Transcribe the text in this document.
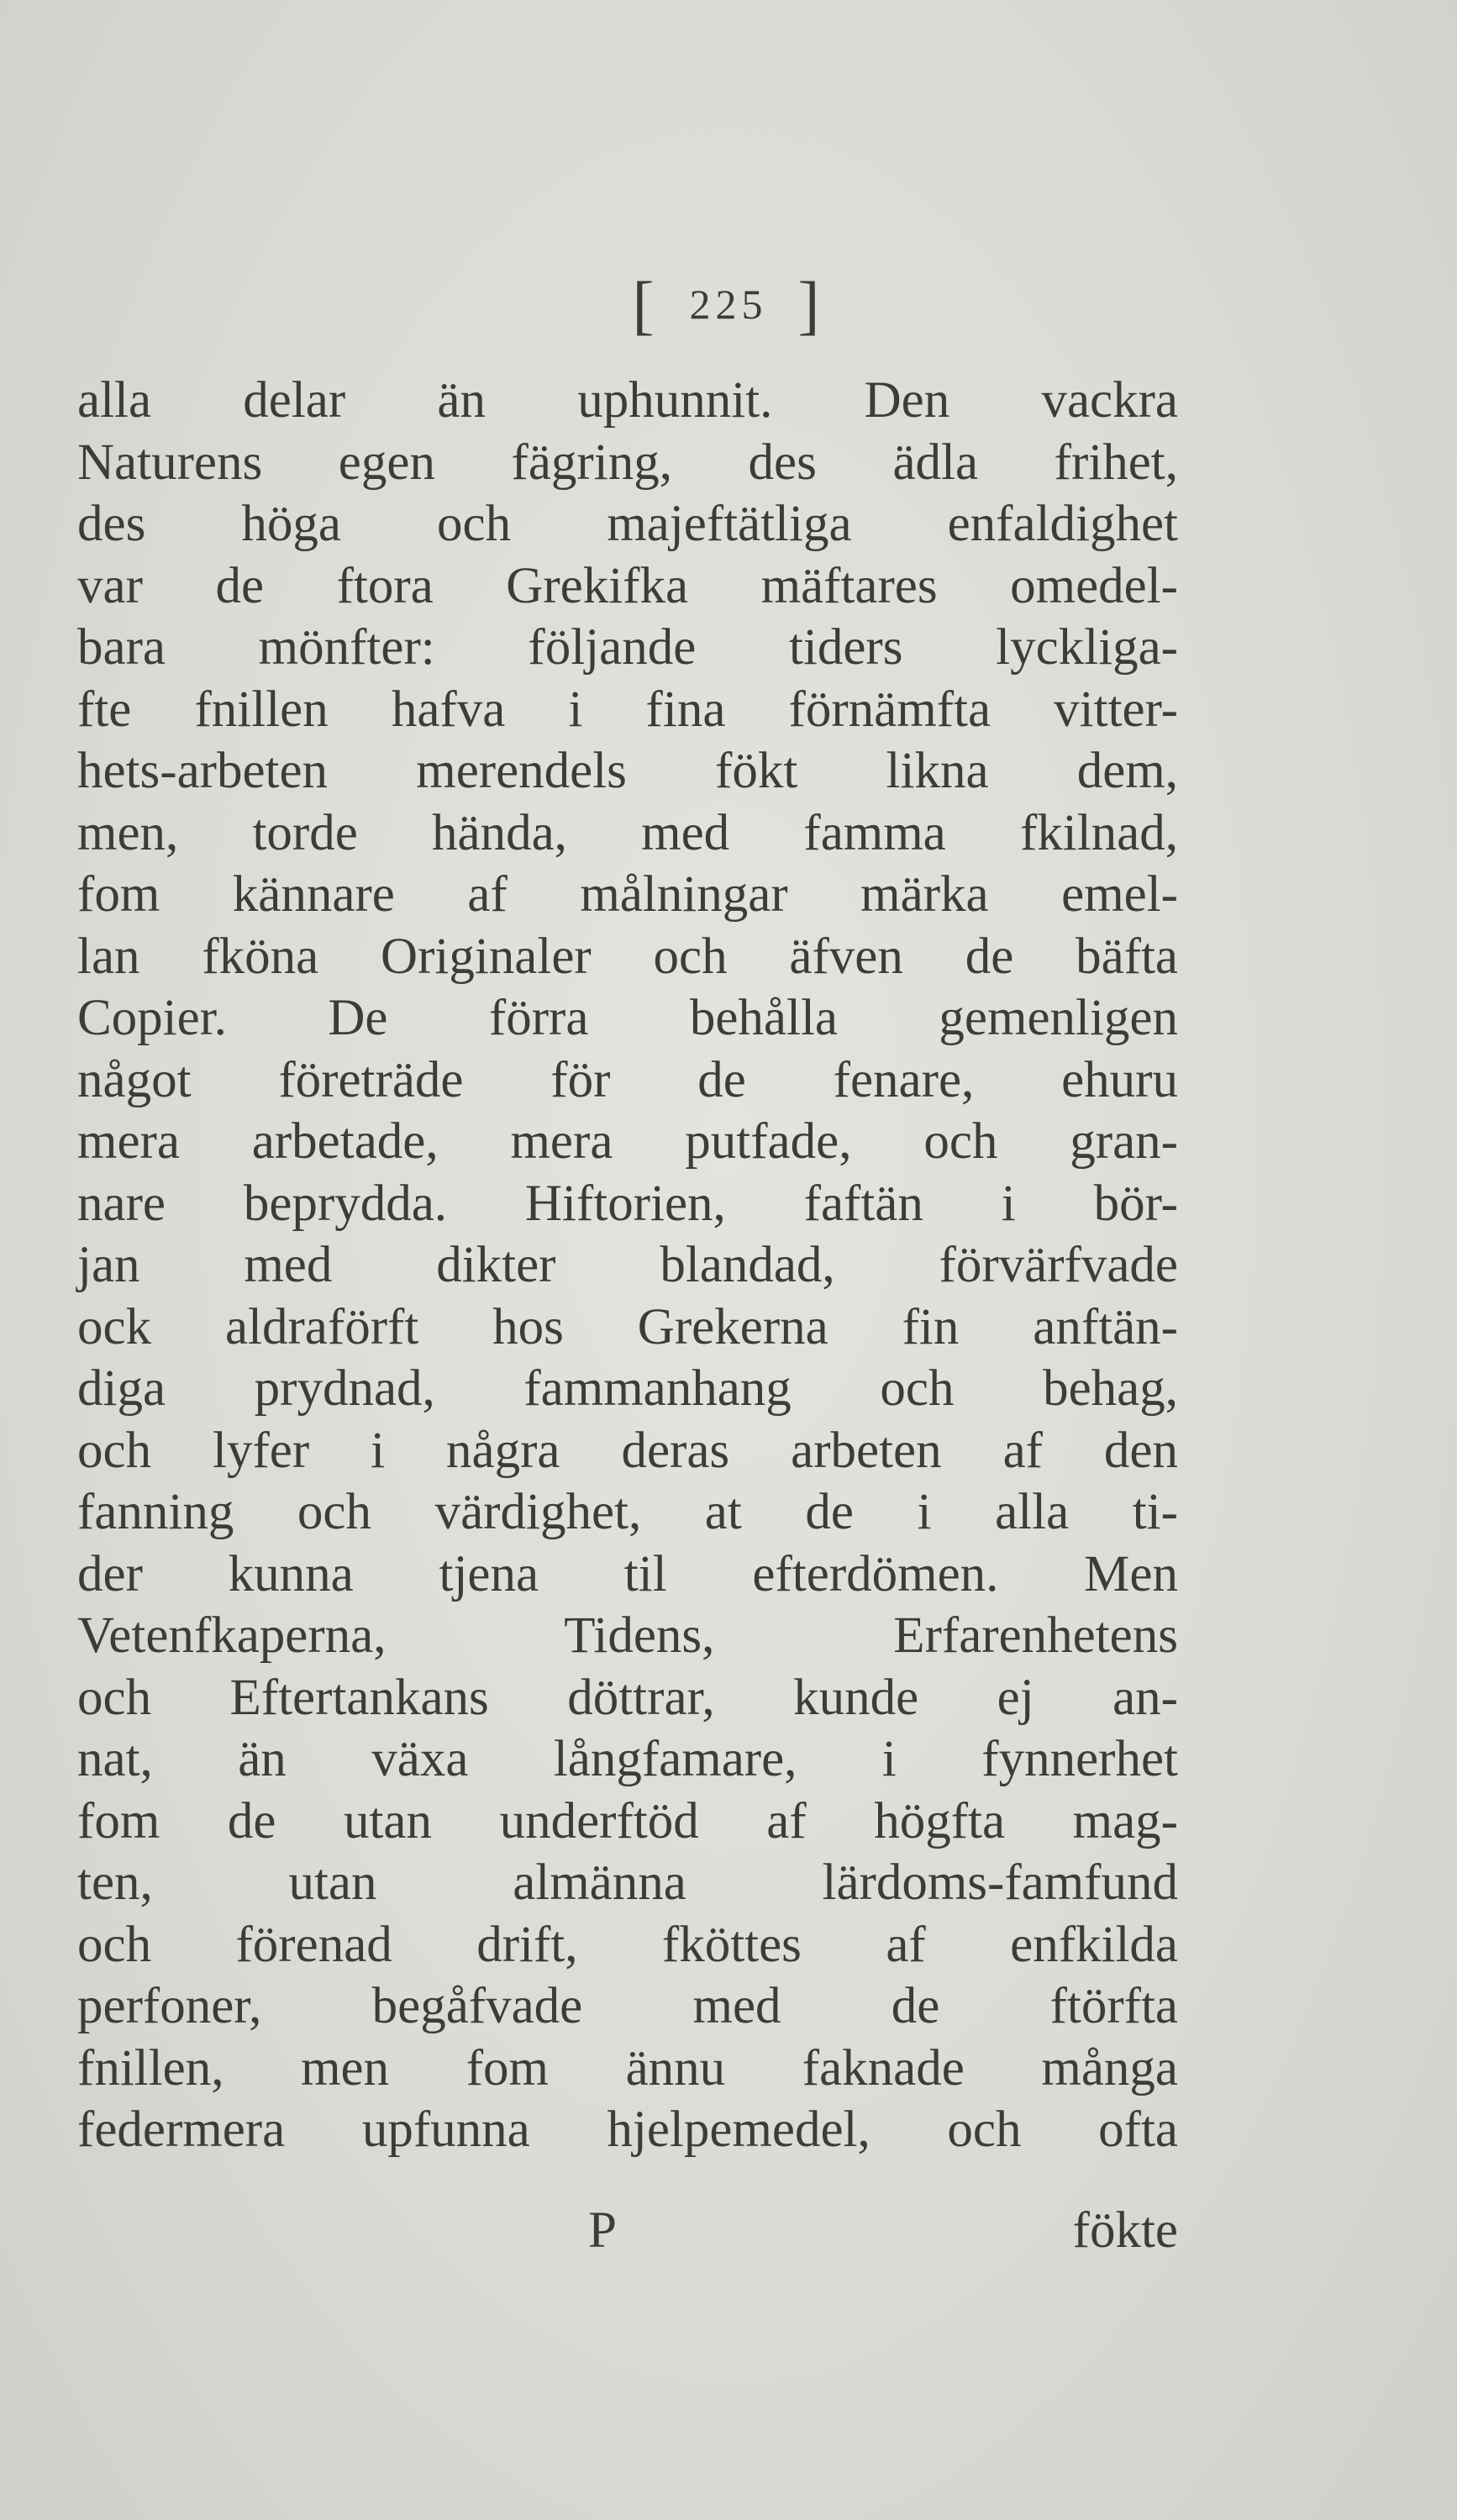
[ 225 ]
alla delar än uphunnit. Den vackra
Naturens egen fägring, des ädla frihet,
des höga och majeftätliga enfaldighet
var de ftora Grekifka mäftares omedel-
bara mönfter: följande tiders lyckliga-
fte fnillen hafva i fina förnämfta vitter-
hets-arbeten merendels fökt likna dem,
men, torde hända, med famma fkilnad,
fom kännare af målningar märka emel-
lan fköna Originaler och äfven de bäfta
Copier. De förra behålla gemenligen
något företräde för de fenare, ehuru
mera arbetade, mera putfade, och gran-
nare beprydda. Hiftorien, faftän i bör-
jan med dikter blandad, förvärfvade
ock aldraförft hos Grekerna fin anftän-
diga prydnad, fammanhang och behag,
och lyfer i några deras arbeten af den
fanning och värdighet, at de i alla ti-
der kunna tjena til efterdömen. Men
Vetenfkaperna, Tidens, Erfarenhetens
och Eftertankans döttrar, kunde ej an-
nat, än växa långfamare, i fynnerhet
fom de utan underftöd af högfta mag-
ten, utan almänna lärdoms-famfund
och förenad drift, fköttes af enfkilda
perfoner, begåfvade med de ftörfta
fnillen, men fom ännu faknade många
federmera upfunna hjelpemedel, och ofta
P	fökte
